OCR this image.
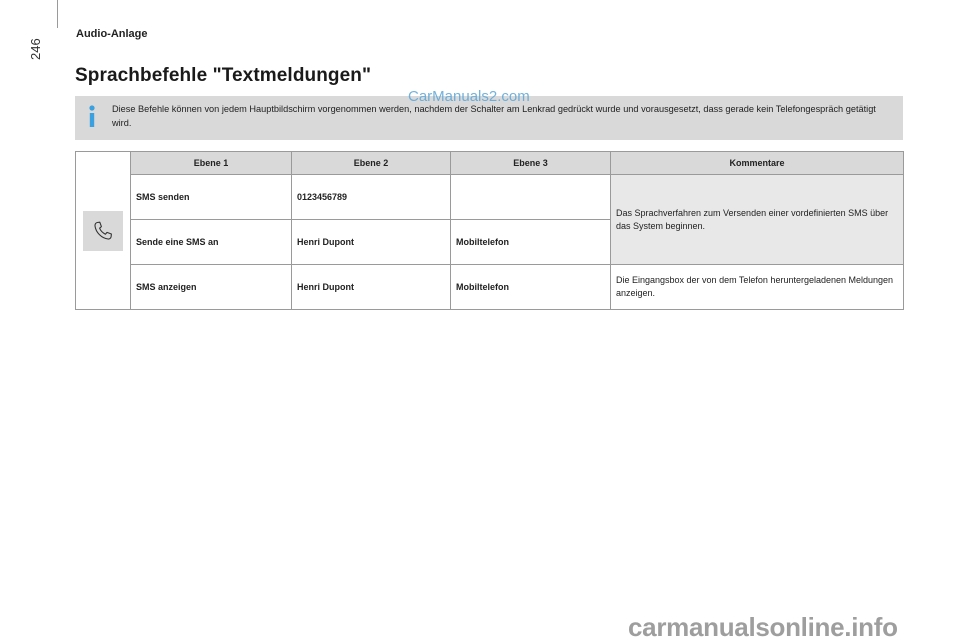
246
Audio-Anlage
Sprachbefehle "Textmeldungen"
Diese Befehle können von jedem Hauptbildschirm vorgenommen werden, nachdem der Schalter am Lenkrad gedrückt wurde und vorausgesetzt, dass gerade kein Telefongespräch getätigt wird.
CarManuals2.com
	Ebene 1	Ebene 2	Ebene 3	Kommentare
	SMS senden	0123456789		Das Sprachverfahren zum Versenden einer vordefinierten SMS über das System beginnen.
	Sende eine SMS an	Henri Dupont	Mobiltelefon	
	SMS anzeigen	Henri Dupont	Mobiltelefon	Die Eingangsbox der von dem Telefon heruntergeladenen Meldungen anzeigen.
carmanualsonline.info
